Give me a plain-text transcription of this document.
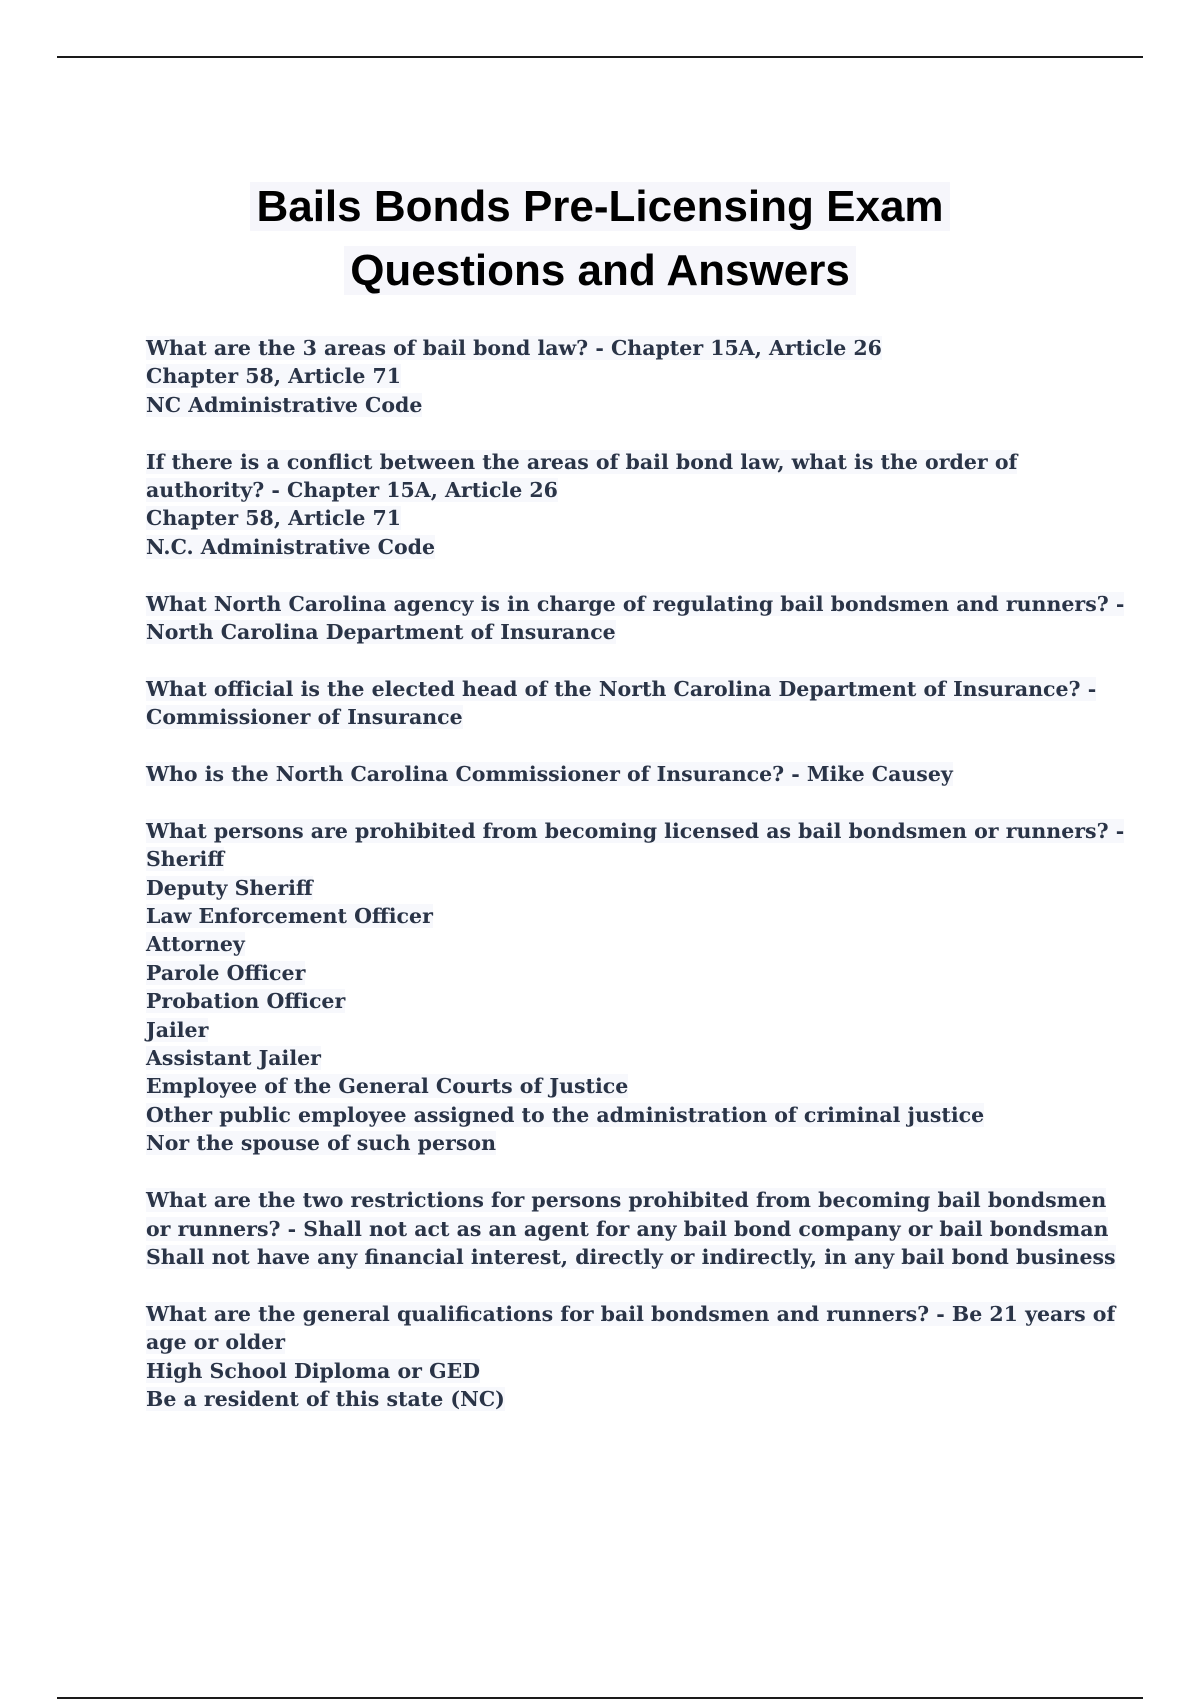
Bails Bonds Pre-Licensing Exam
Questions and Answers
What are the 3 areas of bail bond law? - Chapter 15A, Article 26
Chapter 58, Article 71
NC Administrative Code
If there is a conflict between the areas of bail bond law, what is the order of
authority? - Chapter 15A, Article 26
Chapter 58, Article 71
N.C. Administrative Code
What North Carolina agency is in charge of regulating bail bondsmen and runners? -
North Carolina Department of Insurance
What official is the elected head of the North Carolina Department of Insurance? -
Commissioner of Insurance
Who is the North Carolina Commissioner of Insurance? - Mike Causey
What persons are prohibited from becoming licensed as bail bondsmen or runners? -
Sheriff
Deputy Sheriff
Law Enforcement Officer
Attorney
Parole Officer
Probation Officer
Jailer
Assistant Jailer
Employee of the General Courts of Justice
Other public employee assigned to the administration of criminal justice
Nor the spouse of such person
What are the two restrictions for persons prohibited from becoming bail bondsmen
or runners? - Shall not act as an agent for any bail bond company or bail bondsman
Shall not have any financial interest, directly or indirectly, in any bail bond business
What are the general qualifications for bail bondsmen and runners? - Be 21 years of
age or older
High School Diploma or GED
Be a resident of this state (NC)
